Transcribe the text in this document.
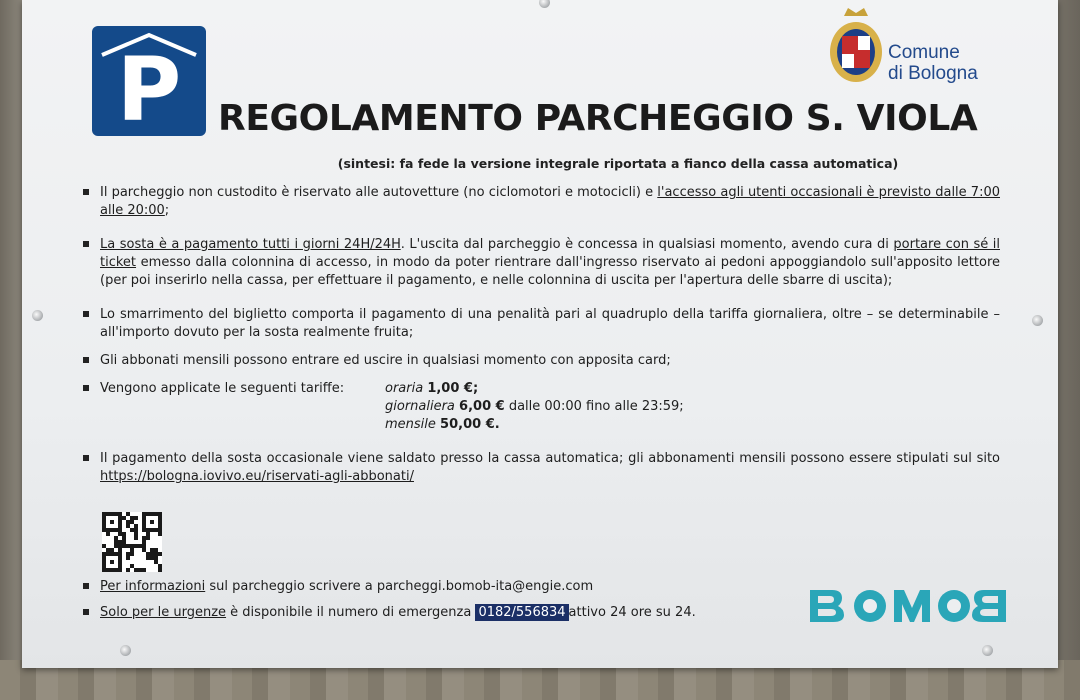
P	Comune
di Bologna
REGOLAMENTO PARCHEGGIO S. VIOLA
(sintesi: fa fede la versione integrale riportata a fianco della cassa automatica)
Il parcheggio non custodito è riservato alle autovetture (no ciclomotori e motocicli) e l'accesso agli utenti occasionali è previsto dalle 7:00 alle 20:00;
La sosta è a pagamento tutti i giorni 24H/24H. L'uscita dal parcheggio è concessa in qualsiasi momento, avendo cura di portare con sé il ticket emesso dalla colonnina di accesso, in modo da poter rientrare dall'ingresso riservato ai pedoni appoggiandolo sull'apposito lettore (per poi inserirlo nella cassa, per effettuare il pagamento, e nelle colonnina di uscita per l'apertura delle sbarre di uscita);
Lo smarrimento del biglietto comporta il pagamento di una penalità pari al quadruplo della tariffa giornaliera, oltre – se determinabile – all'importo dovuto per la sosta realmente fruita;
Gli abbonati mensili possono entrare ed uscire in qualsiasi momento con apposita card;
Vengono applicate le seguenti tariffe:	oraria 1,00 €;
giornaliera 6,00 € dalle 00:00 fino alle 23:59;
mensile 50,00 €.
Il pagamento della sosta occasionale viene saldato presso la cassa automatica; gli abbonamenti mensili possono essere stipulati sul sito https://bologna.iovivo.eu/riservati-agli-abbonati/
Per informazioni sul parcheggio scrivere a parcheggi.bomob-ita@engie.com
Solo per le urgenze è disponibile il numero di emergenza 0182/556834 attivo 24 ore su 24.
